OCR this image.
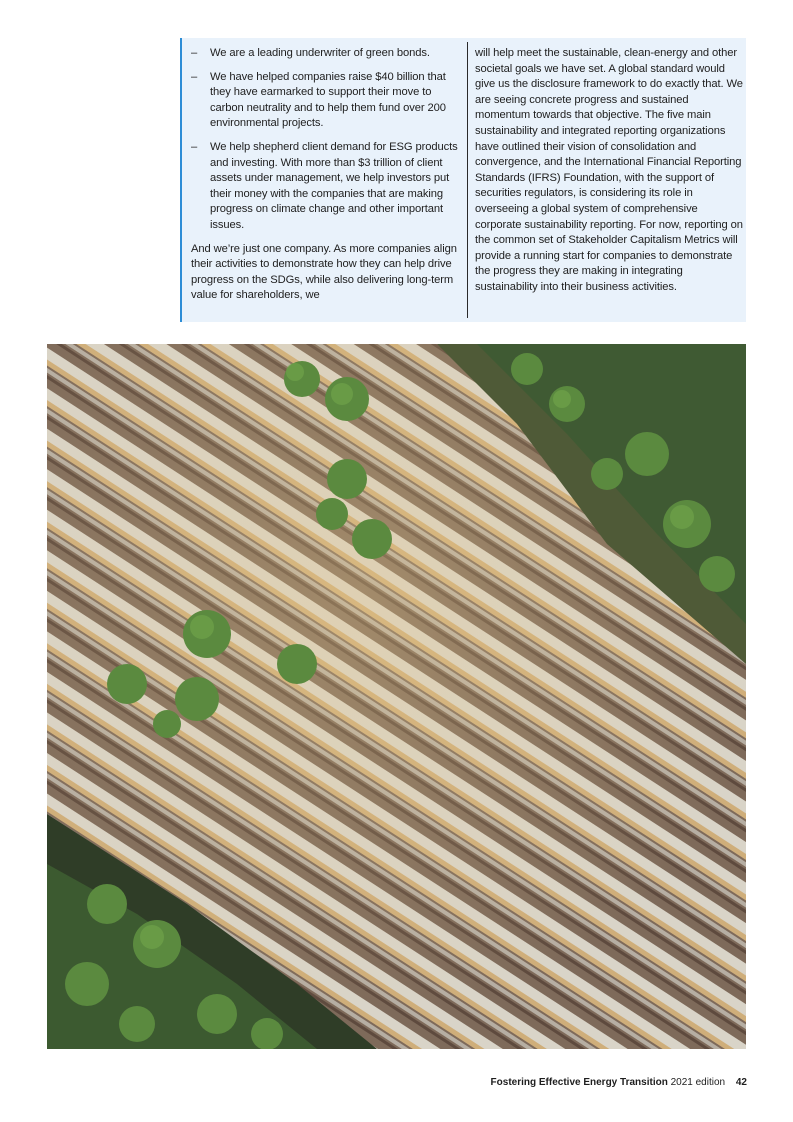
– We are a leading underwriter of green bonds.
– We have helped companies raise $40 billion that they have earmarked to support their move to carbon neutrality and to help them fund over 200 environmental projects.
– We help shepherd client demand for ESG products and investing. With more than $3 trillion of client assets under management, we help investors put their money with the companies that are making progress on climate change and other important issues.

And we’re just one company. As more companies align their activities to demonstrate how they can help drive progress on the SDGs, while also delivering long-term value for shareholders, we

will help meet the sustainable, clean-energy and other societal goals we have set. A global standard would give us the disclosure framework to do exactly that. We are seeing concrete progress and sustained momentum towards that objective. The five main sustainability and integrated reporting organizations have outlined their vision of consolidation and convergence, and the International Financial Reporting Standards (IFRS) Foundation, with the support of securities regulators, is considering its role in overseeing a global system of comprehensive corporate sustainability reporting. For now, reporting on the common set of Stakeholder Capitalism Metrics will provide a running start for companies to demonstrate the progress they are making in integrating sustainability into their business activities.

Fostering Effective Energy Transition 2021 edition 42
